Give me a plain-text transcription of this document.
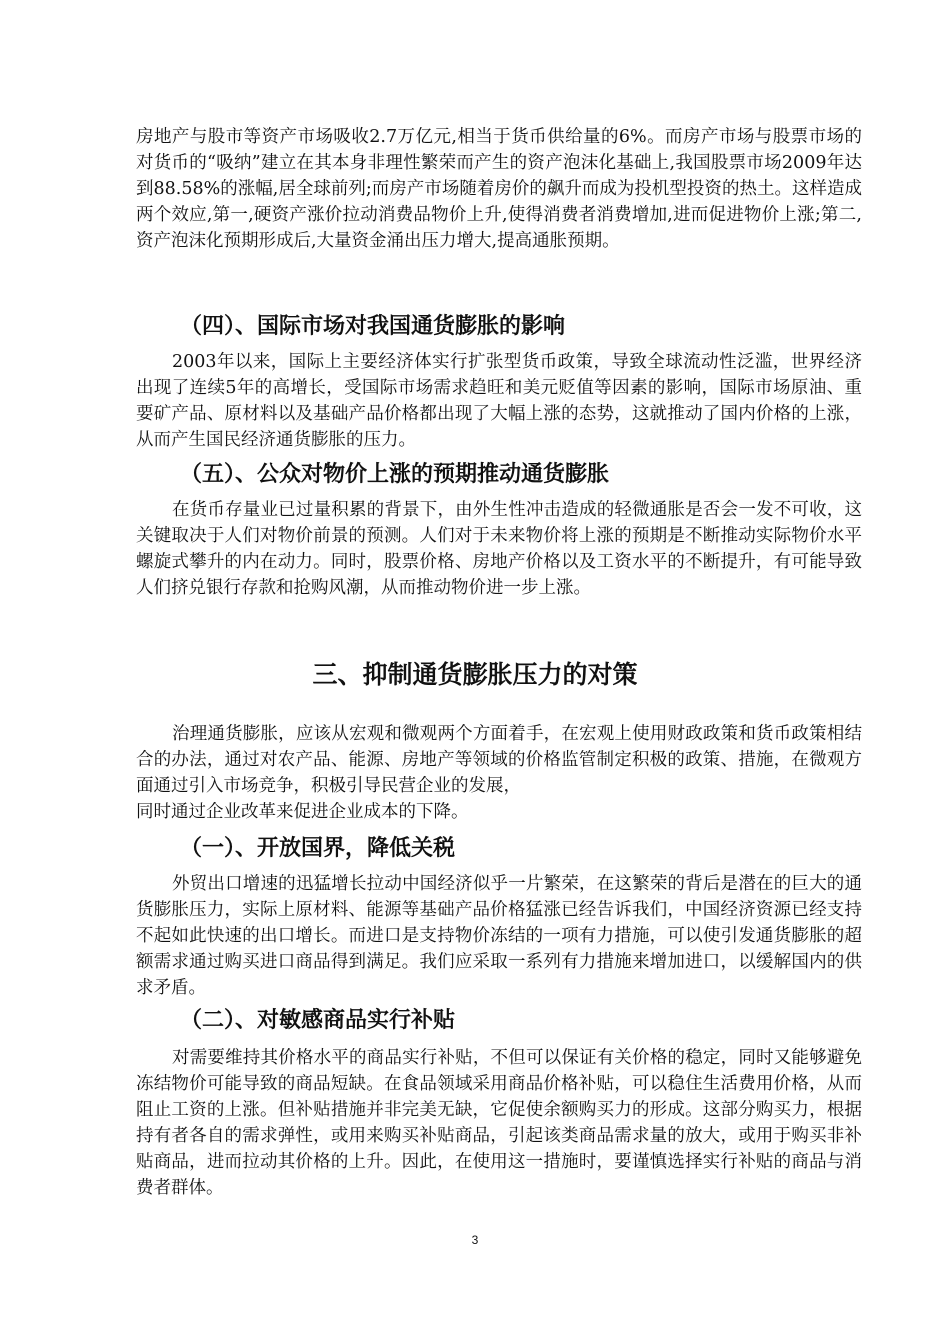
房地产与股市等资产市场吸收2.7万亿元,相当于货币供给量的6%。而房产市场与股票市场的对货币的“吸纳”建立在其本身非理性繁荣而产生的资产泡沫化基础上,我国股票市场2009年达到88.58%的涨幅,居全球前列;而房产市场随着房价的飙升而成为投机型投资的热土。这样造成两个效应,第一,硬资产涨价拉动消费品物价上升,使得消费者消费增加,进而促进物价上涨;第二,资产泡沫化预期形成后,大量资金涌出压力增大,提高通胀预期。
（四）、国际市场对我国通货膨胀的影响
2003年以来，国际上主要经济体实行扩张型货币政策，导致全球流动性泛滥，世界经济出现了连续5年的高增长，受国际市场需求趋旺和美元贬值等因素的影响，国际市场原油、重要矿产品、原材料以及基础产品价格都出现了大幅上涨的态势，这就推动了国内价格的上涨，从而产生国民经济通货膨胀的压力。
（五）、公众对物价上涨的预期推动通货膨胀
在货币存量业已过量积累的背景下，由外生性冲击造成的轻微通胀是否会一发不可收，这关键取决于人们对物价前景的预测。人们对于未来物价将上涨的预期是不断推动实际物价水平螺旋式攀升的内在动力。同时，股票价格、房地产价格以及工资水平的不断提升，有可能导致人们挤兑银行存款和抢购风潮，从而推动物价进一步上涨。
三、抑制通货膨胀压力的对策
治理通货膨胀，应该从宏观和微观两个方面着手，在宏观上使用财政政策和货币政策相结合的办法，通过对农产品、能源、房地产等领域的价格监管制定积极的政策、措施，在微观方面通过引入市场竞争，积极引导民营企业的发展，
同时通过企业改革来促进企业成本的下降。
（一）、开放国界，降低关税
外贸出口增速的迅猛增长拉动中国经济似乎一片繁荣，在这繁荣的背后是潜在的巨大的通货膨胀压力，实际上原材料、能源等基础产品价格猛涨已经告诉我们，中国经济资源已经支持不起如此快速的出口增长。而进口是支持物价冻结的一项有力措施，可以使引发通货膨胀的超额需求通过购买进口商品得到满足。我们应采取一系列有力措施来增加进口，以缓解国内的供求矛盾。
（二）、对敏感商品实行补贴
对需要维持其价格水平的商品实行补贴，不但可以保证有关价格的稳定，同时又能够避免冻结物价可能导致的商品短缺。在食品领域采用商品价格补贴，可以稳住生活费用价格，从而阻止工资的上涨。但补贴措施并非完美无缺，它促使余额购买力的形成。这部分购买力，根据持有者各自的需求弹性，或用来购买补贴商品，引起该类商品需求量的放大，或用于购买非补贴商品，进而拉动其价格的上升。因此，在使用这一措施时，要谨慎选择实行补贴的商品与消费者群体。
3
